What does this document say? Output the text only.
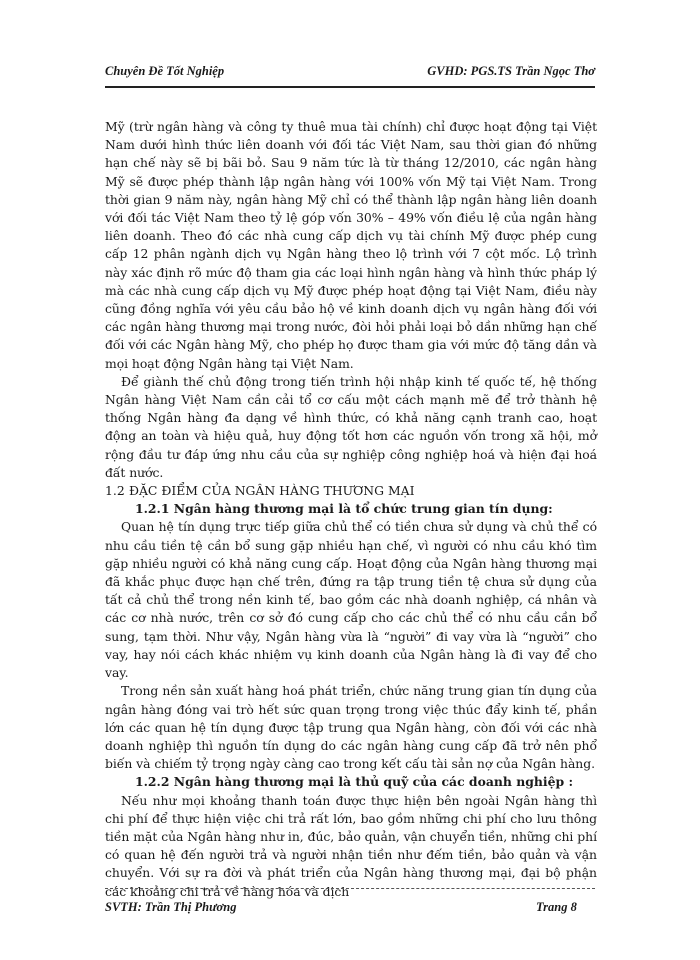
Chuyên Đề Tốt Nghiệp	GVHD: PGS.TS Trần Ngọc Thơ

Mỹ (trừ ngân hàng và công ty thuê mua tài chính) chỉ được hoạt động tại Việt Nam dưới hình thức liên doanh với đối tác Việt Nam, sau thời gian đó những hạn chế này sẽ bị bãi bỏ. Sau 9 năm tức là từ tháng 12/2010, các ngân hàng Mỹ sẽ được phép thành lập ngân hàng với 100% vốn Mỹ tại Việt Nam. Trong thời gian 9 năm này, ngân hàng Mỹ chỉ có thể thành lập ngân hàng liên doanh với đối tác Việt Nam theo tỷ lệ góp vốn 30% – 49% vốn điều lệ của ngân hàng liên doanh. Theo đó các nhà cung cấp dịch vụ tài chính Mỹ được phép cung cấp 12 phân ngành dịch vụ Ngân hàng theo lộ trình với 7 cột mốc. Lộ trình này xác định rõ mức độ tham gia các loại hình ngân hàng và hình thức pháp lý mà các nhà cung cấp dịch vụ Mỹ được phép hoạt động tại Việt Nam, điều này cũng đồng nghĩa với yêu cầu bảo hộ về kinh doanh dịch vụ ngân hàng đối với các ngân hàng thương mại trong nước, đòi hỏi phải loại bỏ dần những hạn chế đối với các Ngân hàng Mỹ, cho phép họ được tham gia với mức độ tăng dần và mọi hoạt động Ngân hàng tại Việt Nam.

Để giành thế chủ động trong tiến trình hội nhập kinh tế quốc tế, hệ thống Ngân hàng Việt Nam cần cải tổ cơ cấu một cách mạnh mẽ để trở thành hệ thống Ngân hàng đa dạng về hình thức, có khả năng cạnh tranh cao, hoạt động an toàn và hiệu quả, huy động tốt hơn các nguồn vốn trong xã hội, mở rộng đầu tư đáp ứng nhu cầu của sự nghiệp công nghiệp hoá và hiện đại hoá đất nước.

1.2 ĐẶC ĐIỂM CỦA NGÂN HÀNG THƯƠNG MẠI

1.2.1 Ngân hàng thương mại là tổ chức trung gian tín dụng:

Quan hệ tín dụng trực tiếp giữa chủ thể có tiền chưa sử dụng và chủ thể có nhu cầu tiền tệ cần bổ sung gặp nhiều hạn chế, vì người có nhu cầu khó tìm gặp nhiều người có khả năng cung cấp. Hoạt động của Ngân hàng thương mại đã khắc phục được hạn chế trên, đứng ra tập trung tiền tệ chưa sử dụng của tất cả chủ thể trong nền kinh tế, bao gồm các nhà doanh nghiệp, cá nhân và các cơ nhà nước, trên cơ sở đó cung cấp cho các chủ thể có nhu cầu cần bổ sung, tạm thời. Như vậy, Ngân hàng vừa là “người” đi vay vừa là “người” cho vay, hay nói cách khác nhiệm vụ kinh doanh của Ngân hàng là đi vay để cho vay.

Trong nền sản xuất hàng hoá phát triển, chức năng trung gian tín dụng của ngân hàng đóng vai trò hết sức quan trọng trong việc thúc đẩy kinh tế, phần lớn các quan hệ tín dụng được tập trung qua Ngân hàng, còn đối với các nhà doanh nghiệp thì nguồn tín dụng do các ngân hàng cung cấp đã trở nên phổ biến và chiếm tỷ trọng ngày càng cao trong kết cấu tài sản nợ của Ngân hàng.

1.2.2 Ngân hàng thương mại là thủ quỹ của các doanh nghiệp :

Nếu như mọi khoảng thanh toán được thực hiện bên ngoài Ngân hàng thì chi phí để thực hiện việc chi trả rất lớn, bao gồm những chi phí cho lưu thông tiền mặt của Ngân hàng như in, đúc, bảo quản, vận chuyển tiền, những chi phí có quan hệ đến người trả và người nhận tiền như đếm tiền, bảo quản và vận chuyển. Với sự ra đời và phát triển của Ngân hàng thương mại, đại bộ phận các khoảng chi trả về hàng hóa và dịch

SVTH: Trần Thị Phương	Trang 8
